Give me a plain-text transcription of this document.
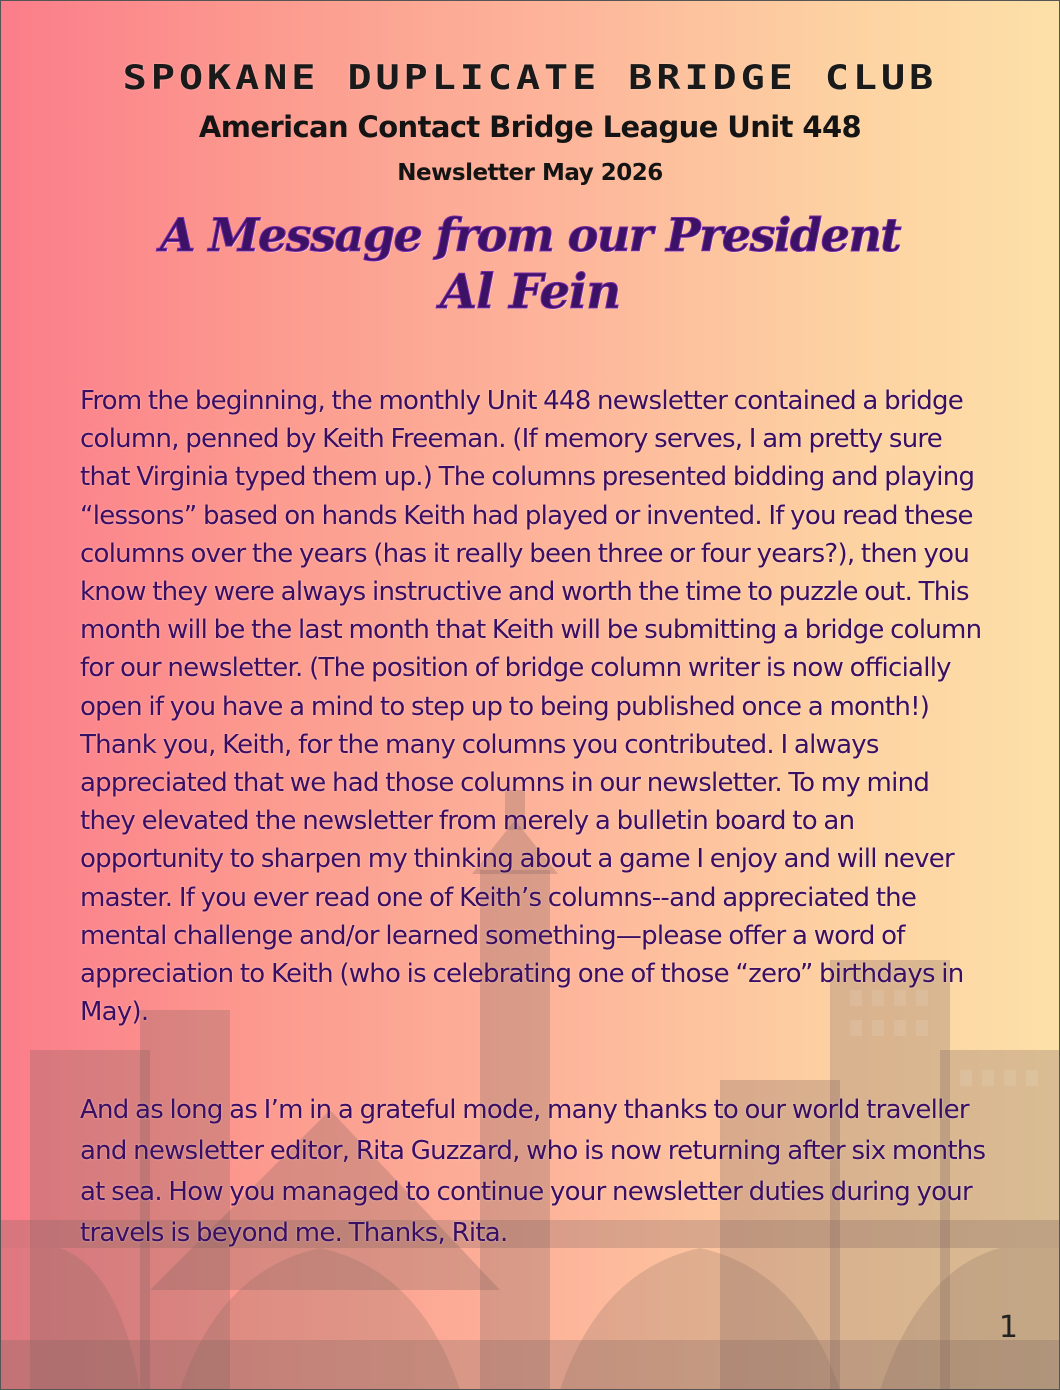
SPOKANE DUPLICATE BRIDGE CLUB
American Contact Bridge League Unit 448
Newsletter May 2026
A Message from our President
Al Fein

From the beginning, the monthly Unit 448 newsletter contained a bridge column, penned by Keith Freeman. (If memory serves, I am pretty sure that Virginia typed them up.) The columns presented bidding and playing “lessons” based on hands Keith had played or invented. If you read these columns over the years (has it really been three or four years?), then you know they were always instructive and worth the time to puzzle out. This month will be the last month that Keith will be submitting a bridge column for our newsletter. (The position of bridge column writer is now officially open if you have a mind to step up to being published once a month!) Thank you, Keith, for the many columns you contributed. I always appreciated that we had those columns in our newsletter. To my mind they elevated the newsletter from merely a bulletin board to an opportunity to sharpen my thinking about a game I enjoy and will never master. If you ever read one of Keith’s columns--and appreciated the mental challenge and/or learned something—please offer a word of appreciation to Keith (who is celebrating one of those “zero” birthdays in May).

And as long as I’m in a grateful mode, many thanks to our world traveller and newsletter editor, Rita Guzzard, who is now returning after six months at sea. How you managed to continue your newsletter duties during your travels is beyond me. Thanks, Rita.

1
